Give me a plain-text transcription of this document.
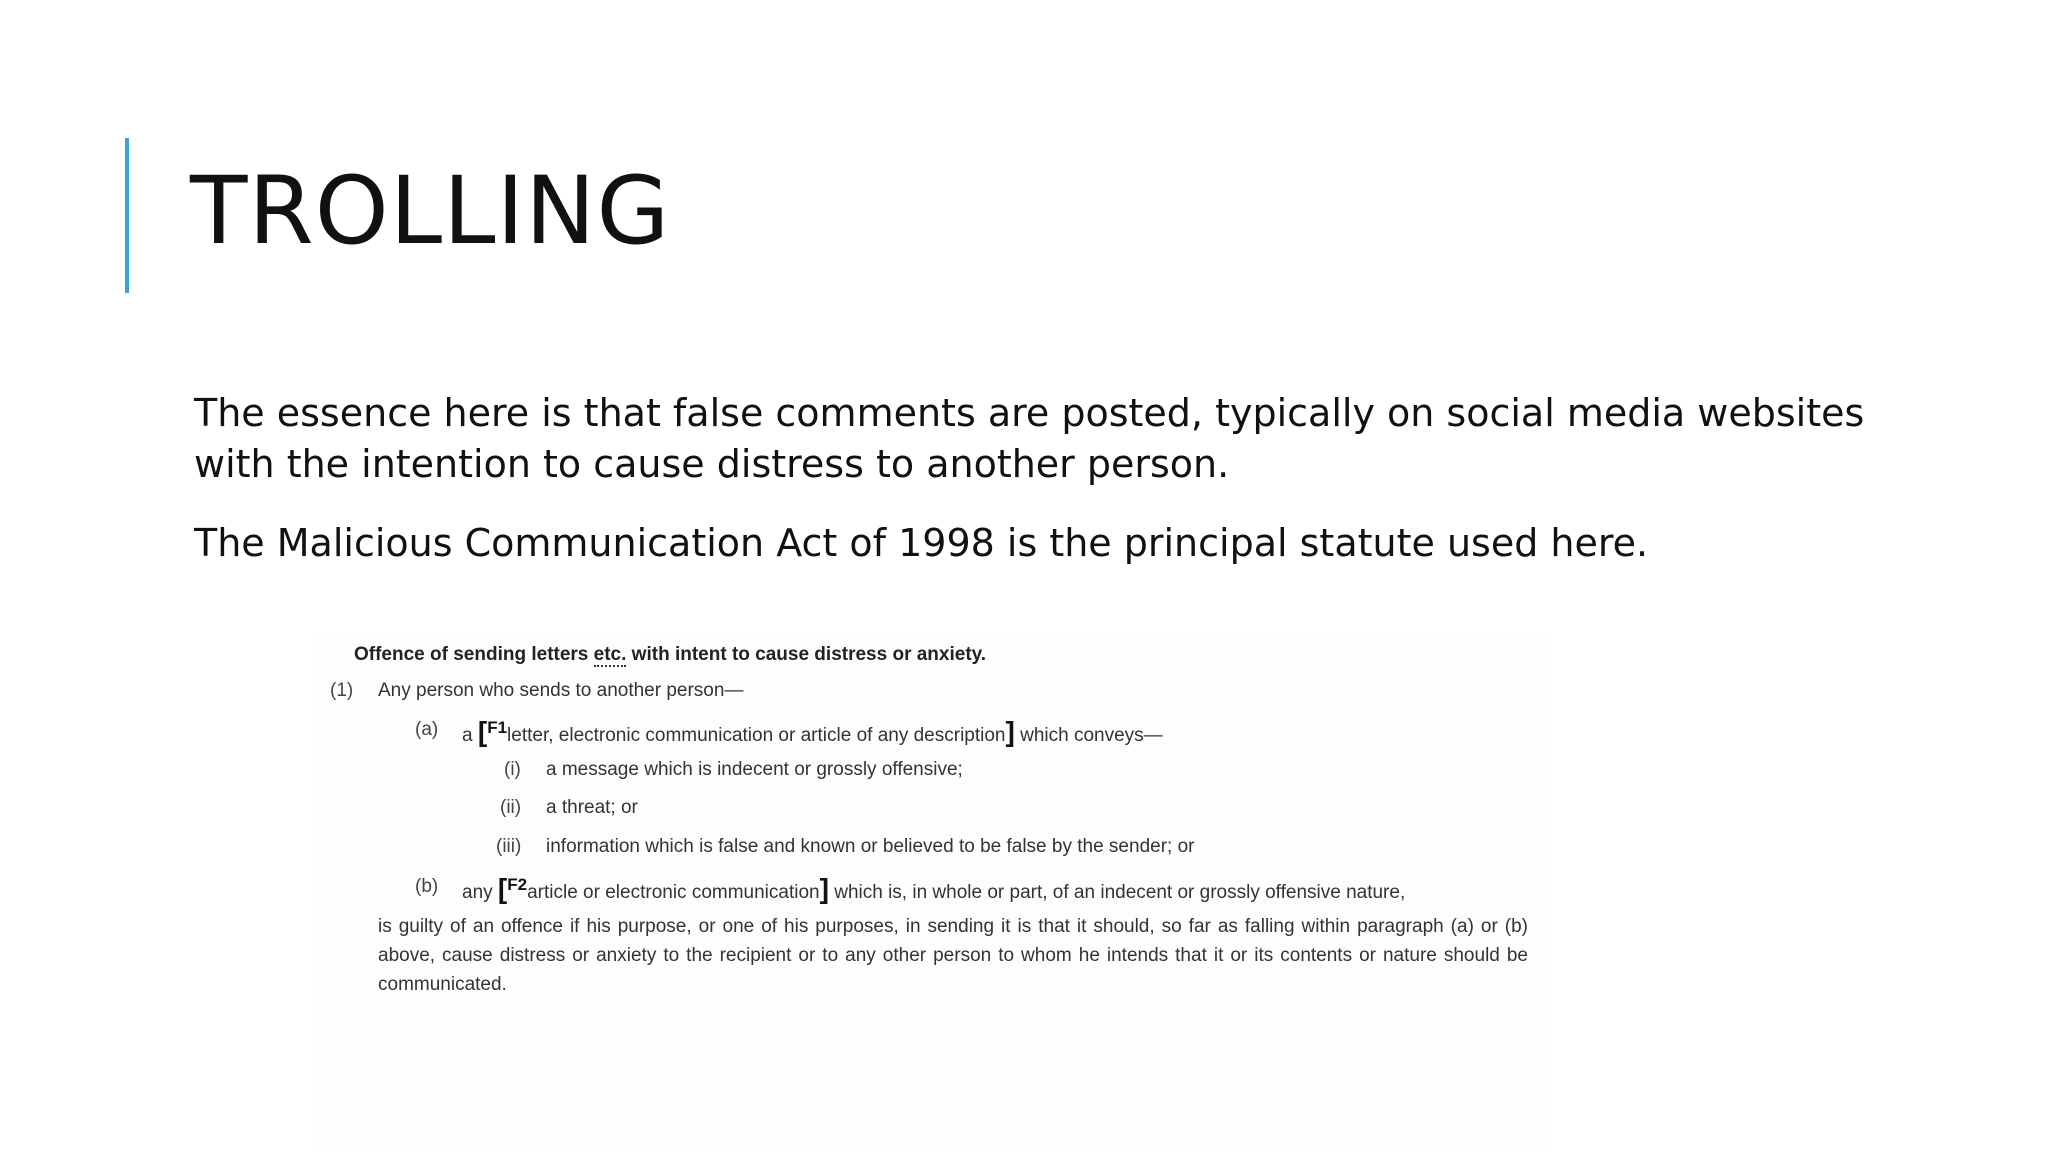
TROLLING

The essence here is that false comments are posted, typically on social media websites with the intention to cause distress to another person.

The Malicious Communication Act of 1998 is the principal statute used here.

Offence of sending letters etc. with intent to cause distress or anxiety.
(1) Any person who sends to another person—
(a) a [F1letter, electronic communication or article of any description] which conveys—
(i) a message which is indecent or grossly offensive;
(ii) a threat; or
(iii) information which is false and known or believed to be false by the sender; or
(b) any [F2article or electronic communication] which is, in whole or part, of an indecent or grossly offensive nature,
is guilty of an offence if his purpose, or one of his purposes, in sending it is that it should, so far as falling within paragraph (a) or (b) above, cause distress or anxiety to the recipient or to any other person to whom he intends that it or its contents or nature should be communicated.
